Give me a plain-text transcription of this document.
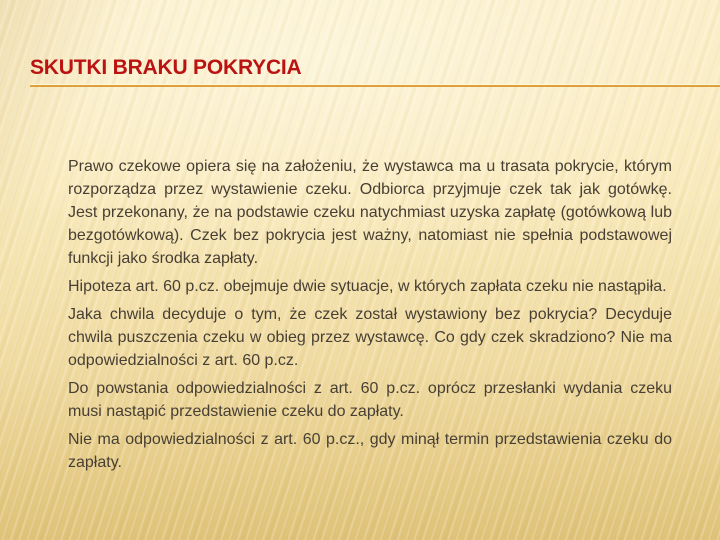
SKUTKI BRAKU POKRYCIA

Prawo czekowe opiera się na założeniu, że wystawca ma u trasata pokrycie, którym rozporządza przez wystawienie czeku. Odbiorca przyjmuje czek tak jak gotówkę. Jest przekonany, że na podstawie czeku natychmiast uzyska zapłatę (gotówkową lub bezgotówkową). Czek bez pokrycia jest ważny, natomiast nie spełnia podstawowej funkcji jako środka zapłaty.

Hipoteza art. 60 p.cz. obejmuje dwie sytuacje, w których zapłata czeku nie nastąpiła.

Jaka chwila decyduje o tym, że czek został wystawiony bez pokrycia? Decyduje chwila puszczenia czeku w obieg przez wystawcę. Co gdy czek skradziono? Nie ma odpowiedzialności z art. 60 p.cz.

Do powstania odpowiedzialności z art. 60 p.cz. oprócz przesłanki wydania czeku musi nastąpić przedstawienie czeku do zapłaty.

Nie ma odpowiedzialności z art. 60 p.cz., gdy minął termin przedstawienia czeku do zapłaty.
